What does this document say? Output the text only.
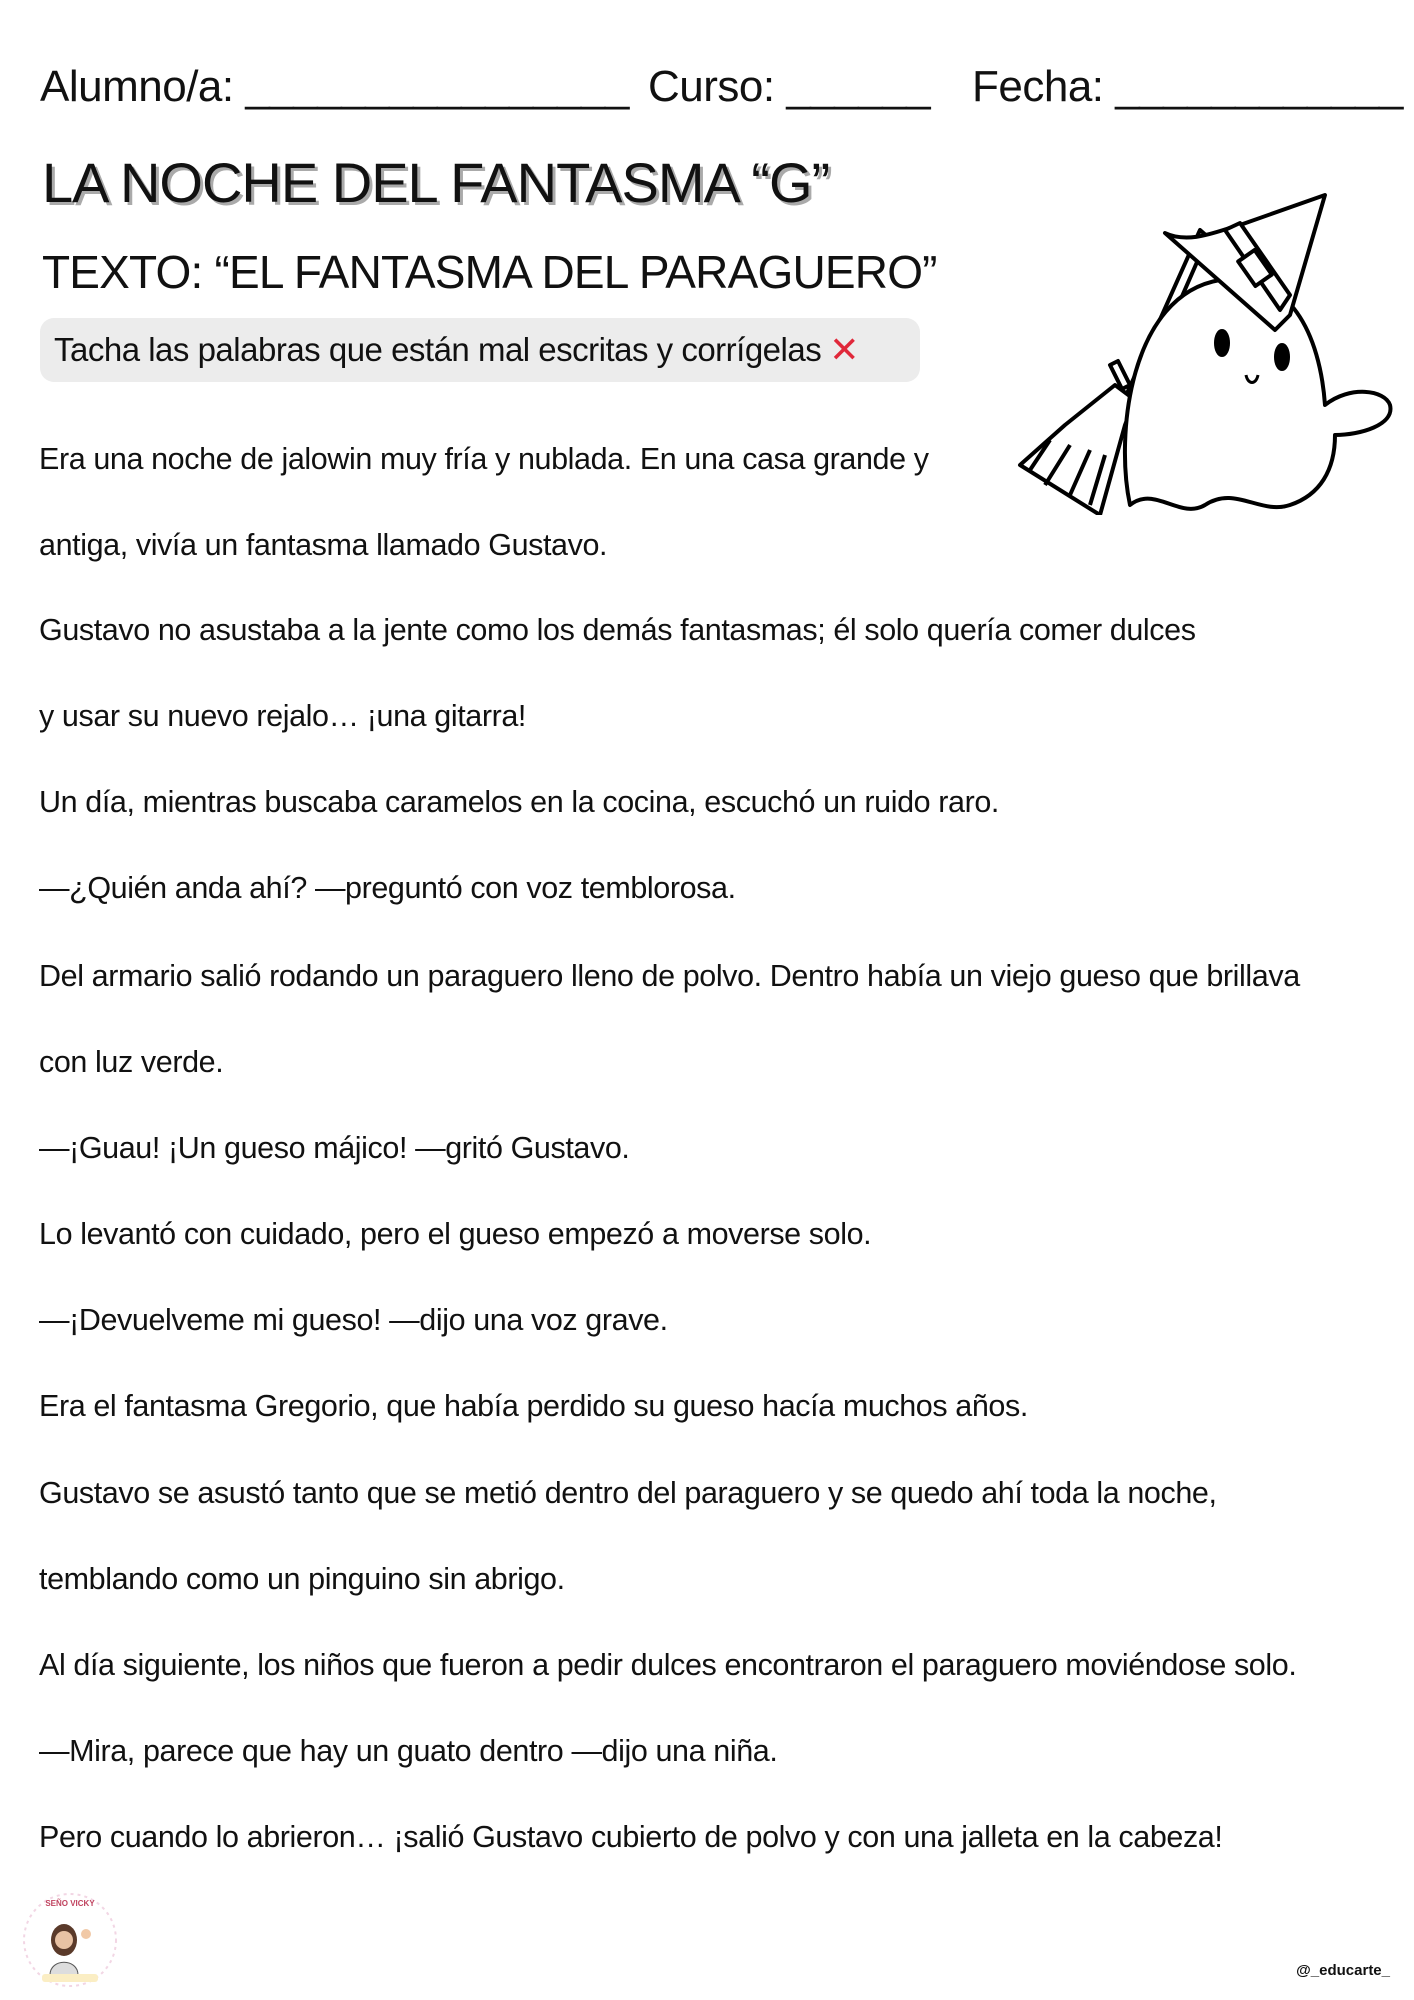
Alumno/a: ________________ Curso: ______ Fecha: ____________
LA NOCHE DEL FANTASMA “G”
TEXTO: “EL FANTASMA DEL PARAGUERO”
Tacha las palabras que están mal escritas y corrígelas ✕
Era una noche de jalowin muy fría y nublada. En una casa grande y
antiga, vivía un fantasma llamado Gustavo.
Gustavo no asustaba a la jente como los demás fantasmas; él solo quería comer dulces
y usar su nuevo rejalo… ¡una gitarra!
Un día, mientras buscaba caramelos en la cocina, escuchó un ruido raro.
—¿Quién anda ahí? —preguntó con voz temblorosa.
Del armario salió rodando un paraguero lleno de polvo. Dentro había un viejo gueso que brillava
con luz verde.
—¡Guau! ¡Un gueso májico! —gritó Gustavo.
Lo levantó con cuidado, pero el gueso empezó a moverse solo.
—¡Devuelveme mi gueso! —dijo una voz grave.
Era el fantasma Gregorio, que había perdido su gueso hacía muchos años.
Gustavo se asustó tanto que se metió dentro del paraguero y se quedo ahí toda la noche,
temblando como un pinguino sin abrigo.
Al día siguiente, los niños que fueron a pedir dulces encontraron el paraguero moviéndose solo.
—Mira, parece que hay un guato dentro —dijo una niña.
Pero cuando lo abrieron… ¡salió Gustavo cubierto de polvo y con una jalleta en la cabeza!
SEÑO VICKY
@_educarte_
